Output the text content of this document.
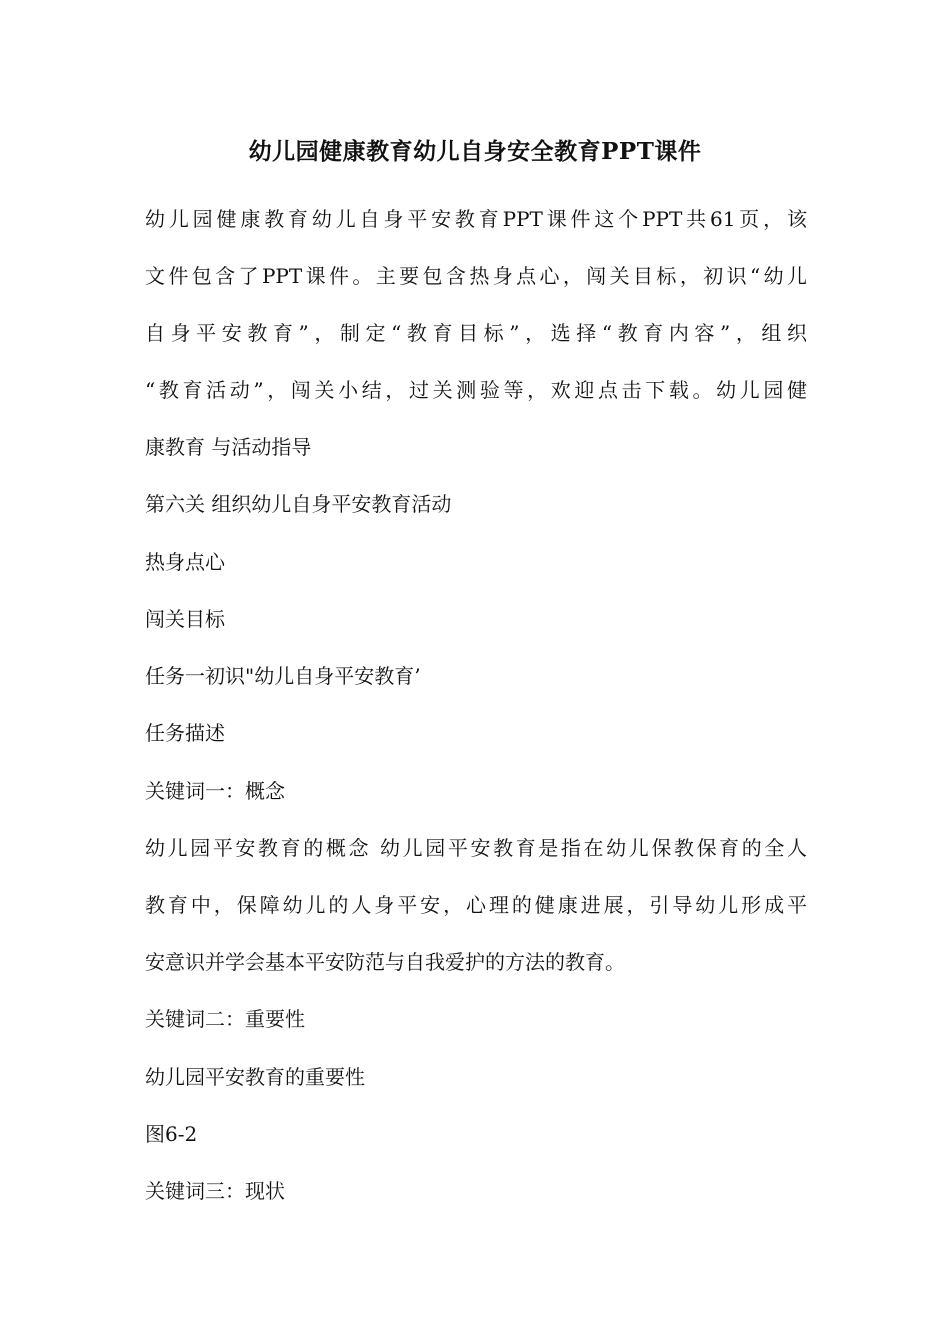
幼儿园健康教育幼儿自身安全教育PPT课件
幼儿园健康教育幼儿自身平安教育PPT课件这个PPT共61页，该
文件包含了PPT课件。主要包含热身点心，闯关目标，初识“幼儿
自身平安教育”，制定“教育目标”，选择“教育内容”，组织
“教育活动”，闯关小结，过关测验等，欢迎点击下载。幼儿园健
康教育 与活动指导
第六关 组织幼儿自身平安教育活动
热身点心
闯关目标
任务一初识"幼儿自身平安教育’
任务描述
关键词一：概念
幼儿园平安教育的概念 幼儿园平安教育是指在幼儿保教保育的全人
教育中，保障幼儿的人身平安，心理的健康进展，引导幼儿形成平
安意识并学会基本平安防范与自我爱护的方法的教育。
关键词二：重要性
幼儿园平安教育的重要性
图6-2
关键词三：现状
